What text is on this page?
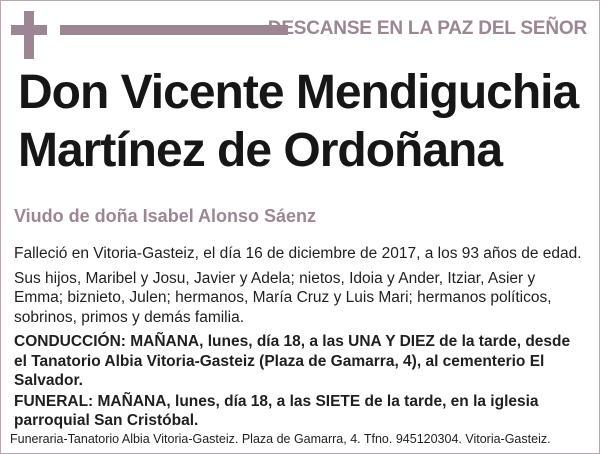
DESCANSE EN LA PAZ DEL SEÑOR
Don Vicente Mendiguchia
Martínez de Ordoñana
Viudo de doña Isabel Alonso Sáenz

Falleció en Vitoria-Gasteiz, el día 16 de diciembre de 2017, a los 93 años de edad.

Sus hijos, Maribel y Josu, Javier y Adela; nietos, Idoia y Ander, Itziar, Asier y Emma; biznieto, Julen; hermanos, María Cruz y Luis Mari; hermanos políticos, sobrinos, primos y demás familia.

CONDUCCIÓN: MAÑANA, lunes, día 18, a las UNA Y DIEZ de la tarde, desde el Tanatorio Albia Vitoria-Gasteiz (Plaza de Gamarra, 4), al cementerio El Salvador.

FUNERAL: MAÑANA, lunes, día 18, a las SIETE de la tarde, en la iglesia parroquial San Cristóbal.

Funeraria-Tanatorio Albia Vitoria-Gasteiz. Plaza de Gamarra, 4. Tfno. 945120304. Vitoria-Gasteiz.
